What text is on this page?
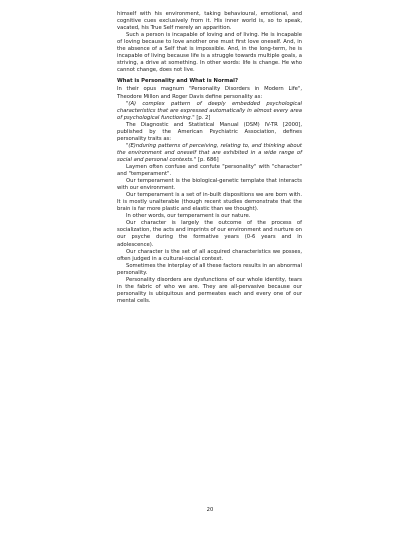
himself with his environment, taking behavioural, emotional, and cognitive cues exclusively from it. His inner world is, so to speak, vacated, his True Self merely an apparition.

Such a person is incapable of loving and of living. He is incapable of loving because to love another one must first love oneself. And, in the absence of a Self that is impossible. And, in the long-term, he is incapable of living because life is a struggle towards multiple goals, a striving, a drive at something. In other words: life is change. He who cannot change, does not live.

What is Personality and What is Normal?

In their opus magnum "Personality Disorders in Modern Life", Theodore Millon and Roger Davis define personality as:

"(A) complex pattern of deeply embedded psychological characteristics that are expressed automatically in almost every area of psychological functioning." [p. 2]

The Diagnostic and Statistical Manual (DSM) IV-TR [2000], published by the American Psychiatric Association, defines personality traits as:

"(E)nduring patterns of perceiving, relating to, and thinking about the environment and oneself that are exhibited in a wide range of social and personal contexts." [p. 686]

Laymen often confuse and confute "personality" with "character" and "temperament".

Our temperament is the biological-genetic template that interacts with our environment.

Our temperament is a set of in-built dispositions we are born with. It is mostly unalterable (though recent studies demonstrate that the brain is far more plastic and elastic than we thought).

In other words, our temperament is our nature.

Our character is largely the outcome of the process of socialization, the acts and imprints of our environment and nurture on our psyche during the formative years (0-6 years and in adolescence).

Our character is the set of all acquired characteristics we posses, often judged in a cultural-social context.

Sometimes the interplay of all these factors results in an abnormal personality.

Personality disorders are dysfunctions of our whole identity, tears in the fabric of who we are. They are all-pervasive because our personality is ubiquitous and permeates each and every one of our mental cells.

20
